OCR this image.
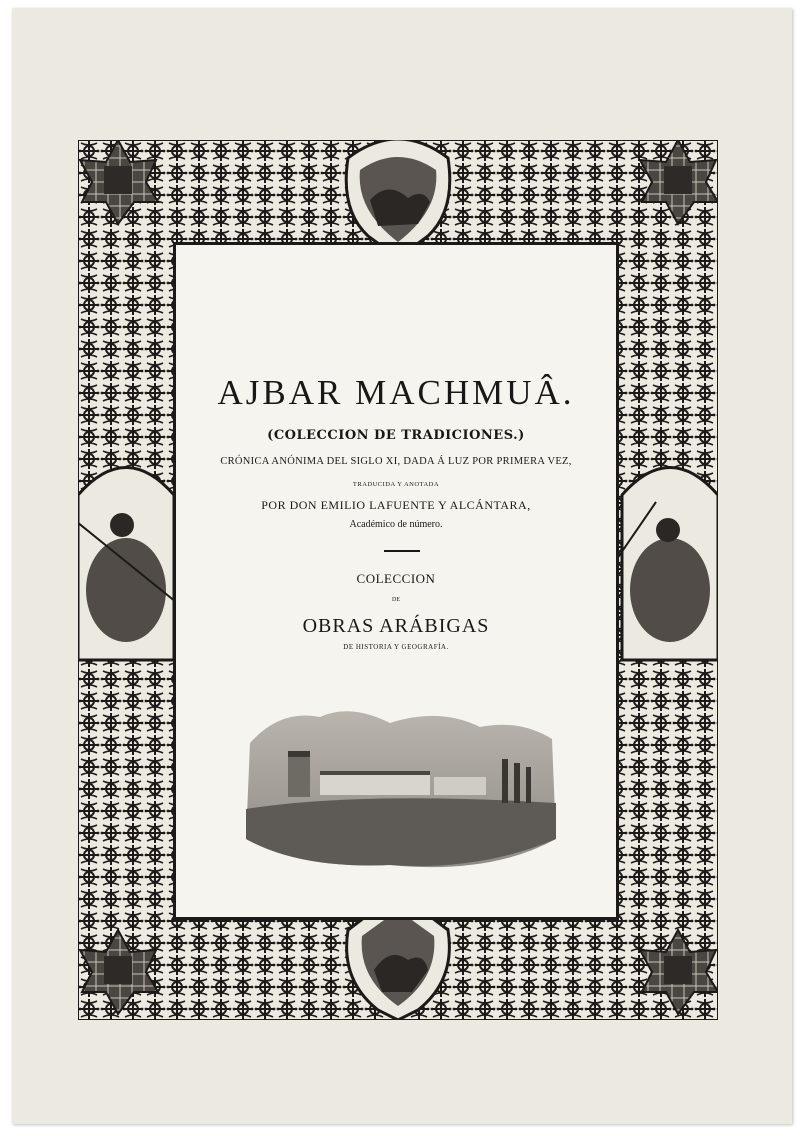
AJBAR MACHMUÂ.
(COLECCION DE TRADICIONES.)
CRÓNICA ANÓNIMA DEL SIGLO XI, DADA Á LUZ POR PRIMERA VEZ,
TRADUCIDA Y ANOTADA
POR DON EMILIO LAFUENTE Y ALCÁNTARA,
Académico de número.
COLECCION
DE
OBRAS ARÁBIGAS
DE HISTORIA Y GEOGRAFÍA.
